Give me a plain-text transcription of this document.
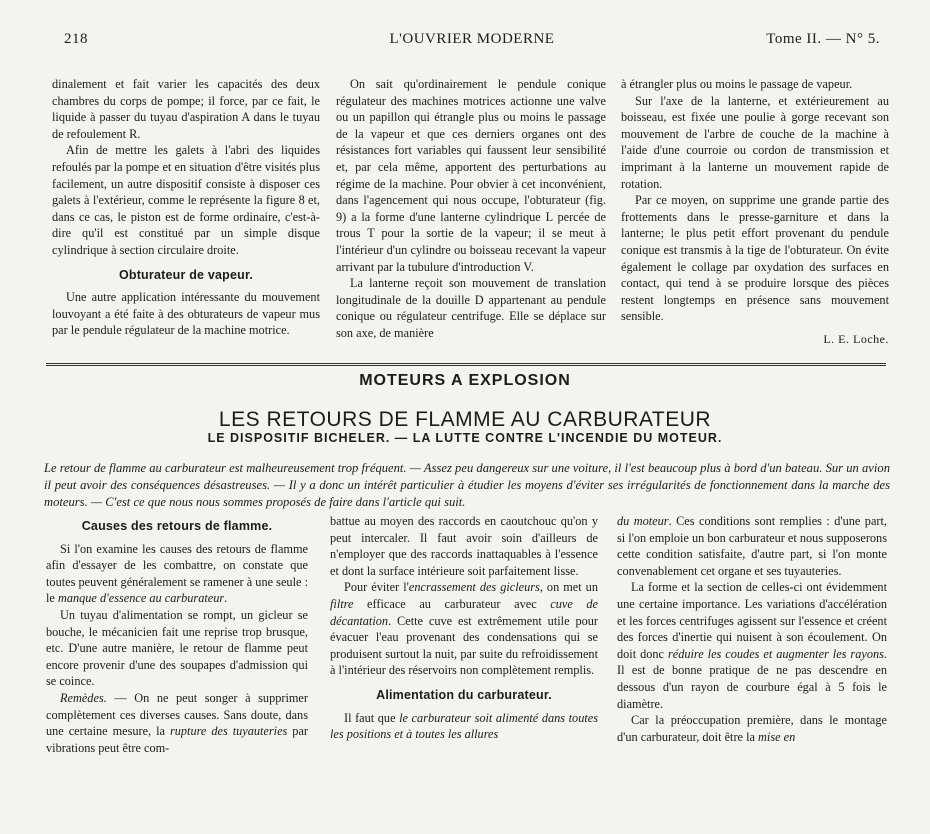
218	L'OUVRIER MODERNE	Tome II. — N° 5.

dinalement et fait varier les capacités des deux chambres du corps de pompe; il force, par ce fait, le liquide à passer du tuyau d'aspiration A dans le tuyau de refoulement R.

Afin de mettre les galets à l'abri des liquides refoulés par la pompe et en situation d'être visités plus facilement, un autre dispositif consiste à disposer ces galets à l'extérieur, comme le représente la figure 8 et, dans ce cas, le piston est de forme ordinaire, c'est-à-dire qu'il est constitué par un simple disque cylindrique à section circulaire droite.

Obturateur de vapeur.

Une autre application intéressante du mouvement louvoyant a été faite à des obturateurs de vapeur mus par le pendule régulateur de la machine motrice.

On sait qu'ordinairement le pendule conique régulateur des machines motrices actionne une valve ou un papillon qui étrangle plus ou moins le passage de la vapeur et que ces derniers organes ont des résistances fort variables qui faussent leur sensibilité et, par cela même, apportent des perturbations au régime de la machine. Pour obvier à cet inconvénient, dans l'agencement qui nous occupe, l'obturateur (fig. 9) a la forme d'une lanterne cylindrique L percée de trous T pour la sortie de la vapeur; il se meut à l'intérieur d'un cylindre ou boisseau recevant la vapeur arrivant par la tubulure d'introduction V.

La lanterne reçoit son mouvement de translation longitudinale de la douille D appartenant au pendule conique ou régulateur centrifuge. Elle se déplace sur son axe, de manière

à étrangler plus ou moins le passage de vapeur.

Sur l'axe de la lanterne, et extérieurement au boisseau, est fixée une poulie à gorge recevant son mouvement de l'arbre de couche de la machine à l'aide d'une courroie ou cordon de transmission et imprimant à la lanterne un mouvement rapide de rotation.

Par ce moyen, on supprime une grande partie des frottements dans le presse-garniture et dans la lanterne; le plus petit effort provenant du pendule conique est transmis à la tige de l'obturateur. On évite également le collage par oxydation des surfaces en contact, qui tend à se produire lorsque des pièces restent longtemps en présence sans mouvement sensible.

L. E. Loche.
MOTEURS A EXPLOSION
LES RETOURS DE FLAMME AU CARBURATEUR
LE DISPOSITIF BICHELER. — LA LUTTE CONTRE L'INCENDIE DU MOTEUR.
Le retour de flamme au carburateur est malheureusement trop fréquent. — Assez peu dangereux sur une voiture, il l'est beaucoup plus à bord d'un bateau. Sur un avion il peut avoir des conséquences désastreuses. — Il y a donc un intérêt particulier à étudier les moyens d'éviter ses irrégularités de fonctionnement dans la marche des moteurs. — C'est ce que nous nous sommes proposés de faire dans l'article qui suit.
Causes des retours de flamme.

Si l'on examine les causes des retours de flamme afin d'essayer de les combattre, on constate que toutes peuvent généralement se ramener à une seule : le manque d'essence au carburateur.

Un tuyau d'alimentation se rompt, un gicleur se bouche, le mécanicien fait une reprise trop brusque, etc. D'une autre manière, le retour de flamme peut encore provenir d'une des soupapes d'admission qui se coince.

Remèdes. — On ne peut songer à supprimer complètement ces diverses causes. Sans doute, dans une certaine mesure, la rupture des tuyauteries par vibrations peut être com-

battue au moyen des raccords en caoutchouc qu'on y peut intercaler. Il faut avoir soin d'ailleurs de n'employer que des raccords inattaquables à l'essence et dont la surface intérieure soit parfaitement lisse.

Pour éviter l'encrassement des gicleurs, on met un filtre efficace au carburateur avec cuve de décantation. Cette cuve est extrêmement utile pour évacuer l'eau provenant des condensations qui se produisent surtout la nuit, par suite du refroidissement à l'intérieur des réservoirs non complètement remplis.

Alimentation du carburateur.

Il faut que le carburateur soit alimenté dans toutes les positions et à toutes les allures

du moteur. Ces conditions sont remplies : d'une part, si l'on emploie un bon carburateur et nous supposerons cette condition satisfaite, d'autre part, si l'on monte convenablement cet organe et ses tuyauteries.

La forme et la section de celles-ci ont évidemment une certaine importance. Les variations d'accélération et les forces centrifuges agissent sur l'essence et créent des forces d'inertie qui nuisent à son écoulement. On doit donc réduire les coudes et augmenter les rayons. Il est de bonne pratique de ne pas descendre en dessous d'un rayon de courbure égal à 5 fois le diamètre.

Car la préoccupation première, dans le montage d'un carburateur, doit être la mise en
